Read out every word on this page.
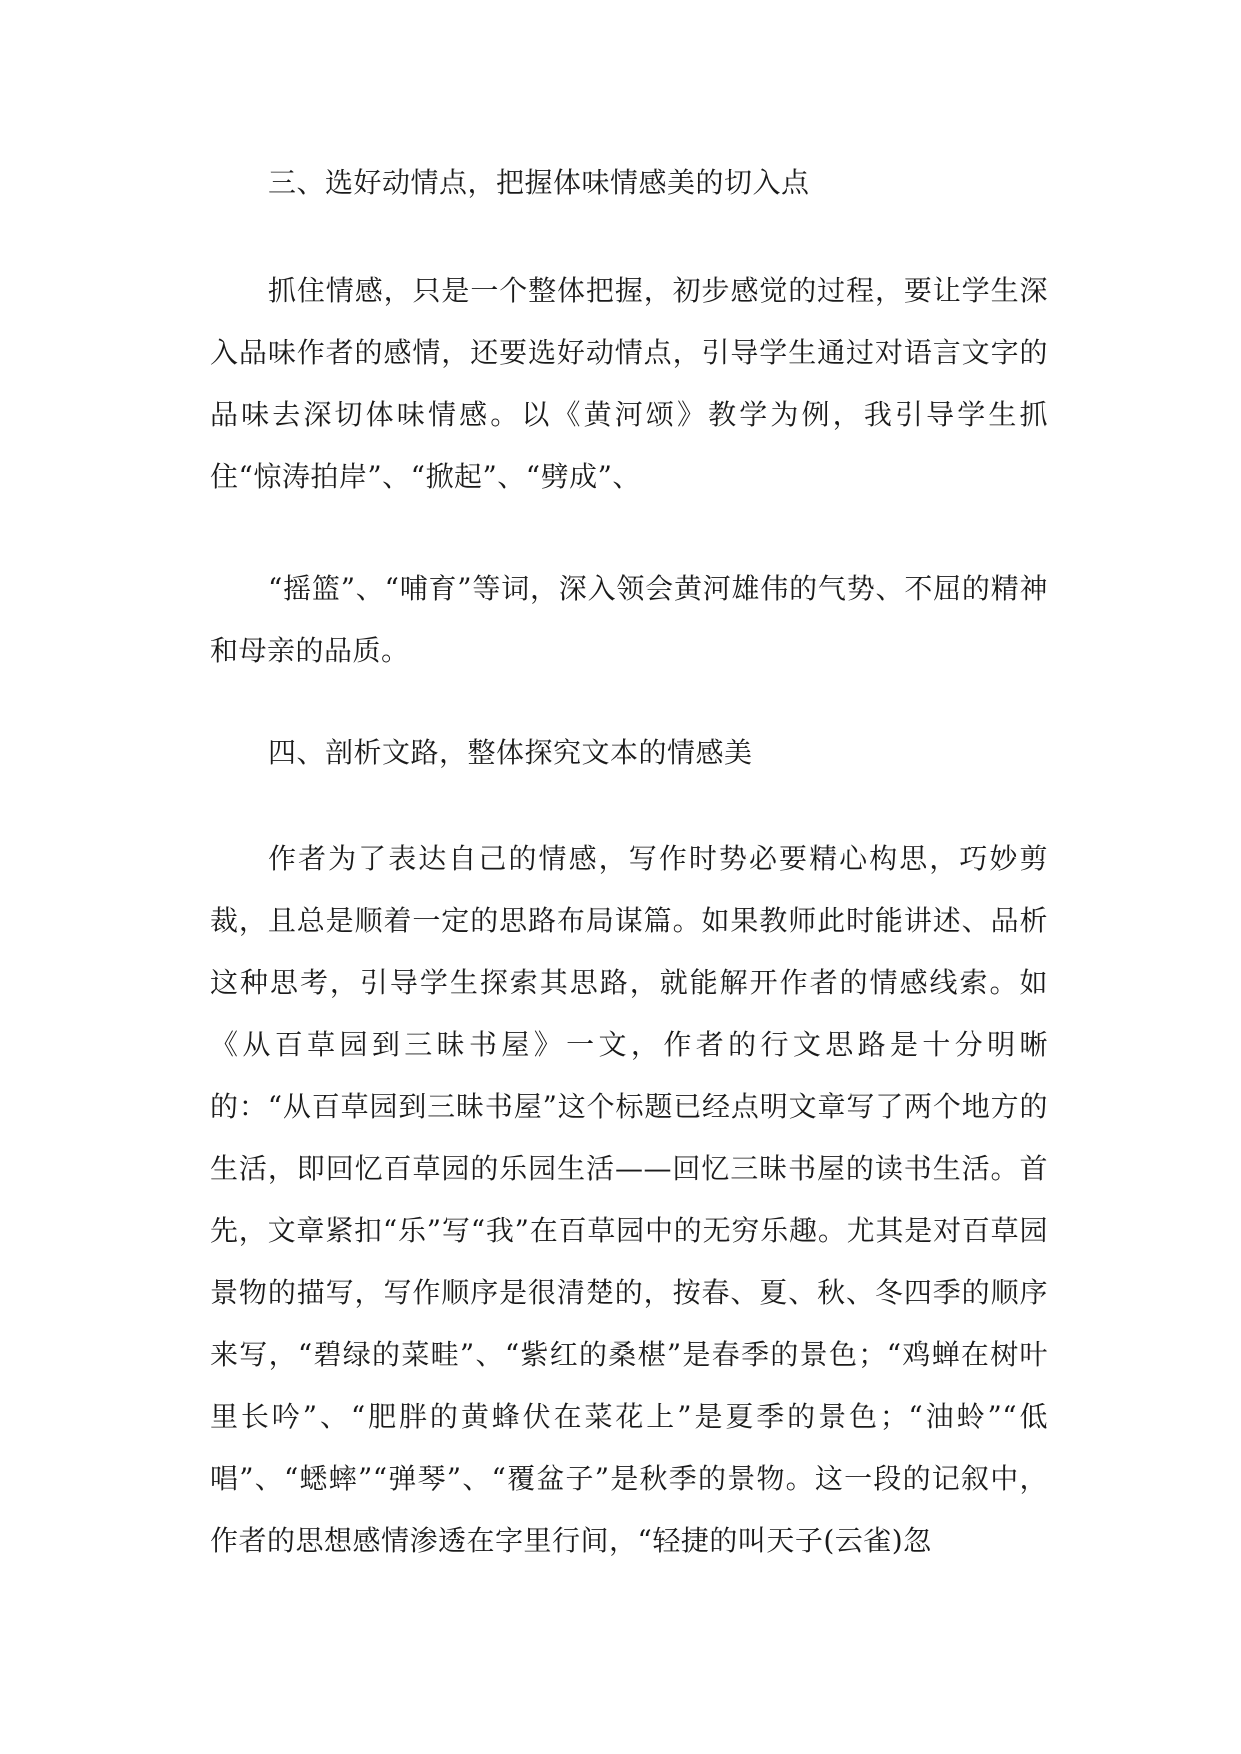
三、选好动情点，把握体味情感美的切入点

抓住情感，只是一个整体把握，初步感觉的过程，要让学生深入品味作者的感情，还要选好动情点，引导学生通过对语言文字的品味去深切体味情感。以《黄河颂》教学为例，我引导学生抓住“惊涛拍岸”、“掀起”、“劈成”、

“摇篮”、“哺育”等词，深入领会黄河雄伟的气势、不屈的精神和母亲的品质。

四、剖析文路，整体探究文本的情感美

作者为了表达自己的情感，写作时势必要精心构思，巧妙剪裁，且总是顺着一定的思路布局谋篇。如果教师此时能讲述、品析这种思考，引导学生探索其思路，就能解开作者的情感线索。如《从百草园到三昧书屋》一文，作者的行文思路是十分明晰的：“从百草园到三昧书屋”这个标题已经点明文章写了两个地方的生活，即回忆百草园的乐园生活——回忆三昧书屋的读书生活。首先，文章紧扣“乐”写“我”在百草园中的无穷乐趣。尤其是对百草园景物的描写，写作顺序是很清楚的，按春、夏、秋、冬四季的顺序来写，“碧绿的菜畦”、“紫红的桑椹”是春季的景色；“鸡蝉在树叶里长吟”、“肥胖的黄蜂伏在菜花上”是夏季的景色；“油蛉”“低唱”、“蟋蟀”“弹琴”、“覆盆子”是秋季的景物。这一段的记叙中，作者的思想感情渗透在字里行间，“轻捷的叫天子(云雀)忽
